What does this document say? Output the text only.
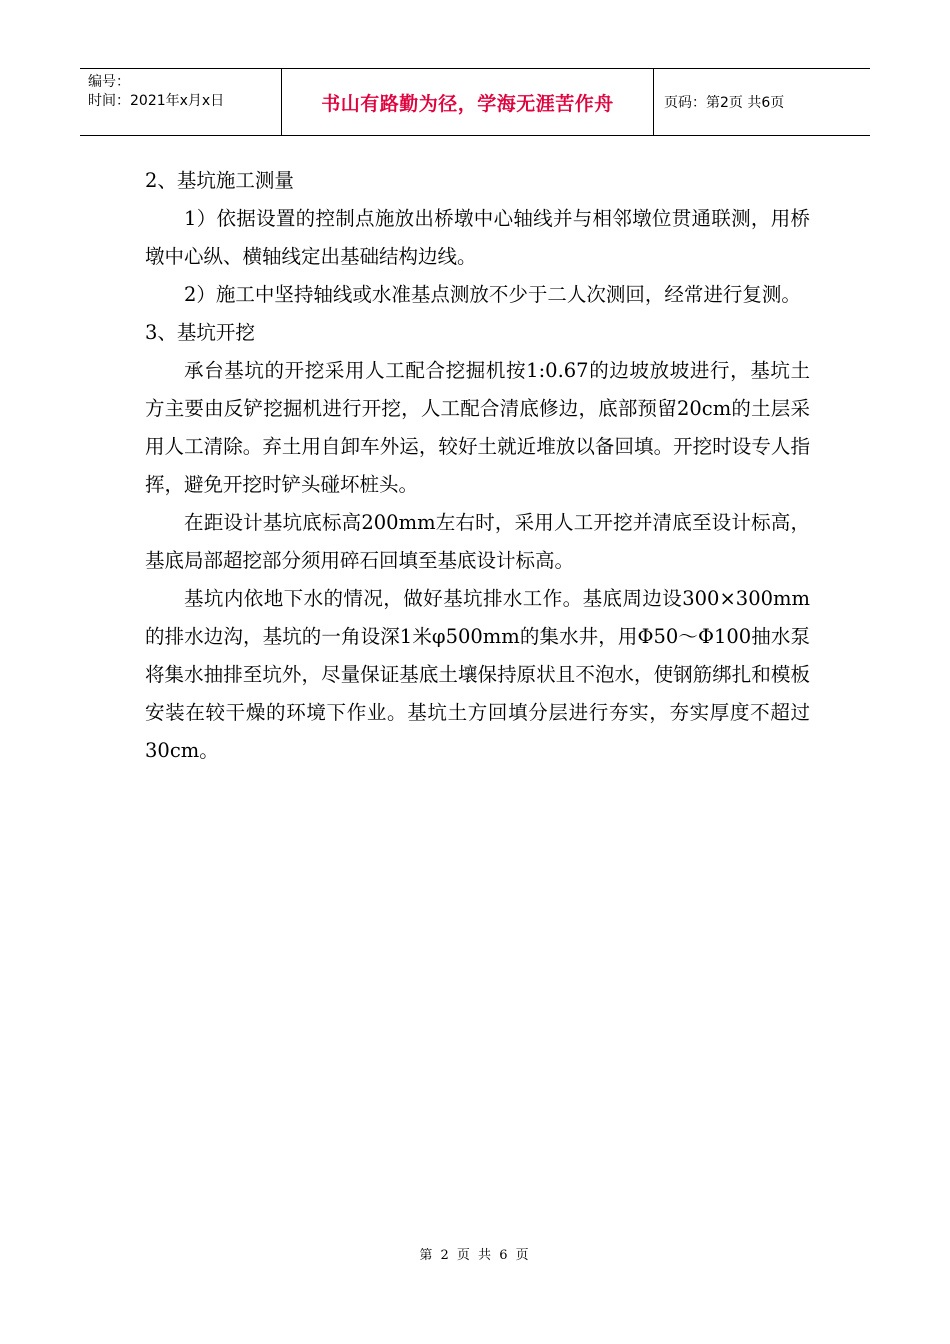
编号：
时间：2021年x月x日	书山有路勤为径，学海无涯苦作舟	页码：第2页 共6页

2、基坑施工测量

1）依据设置的控制点施放出桥墩中心轴线并与相邻墩位贯通联测，用桥墩中心纵、横轴线定出基础结构边线。

2）施工中坚持轴线或水准基点测放不少于二人次测回，经常进行复测。

3、基坑开挖

承台基坑的开挖采用人工配合挖掘机按1:0.67的边坡放坡进行，基坑土方主要由反铲挖掘机进行开挖，人工配合清底修边，底部预留20cm的土层采用人工清除。弃土用自卸车外运，较好土就近堆放以备回填。开挖时设专人指挥，避免开挖时铲头碰坏桩头。

在距设计基坑底标高200mm左右时，采用人工开挖并清底至设计标高，基底局部超挖部分须用碎石回填至基底设计标高。

基坑内依地下水的情况，做好基坑排水工作。基底周边设300×300mm的排水边沟，基坑的一角设深1米φ500mm的集水井，用Φ50～Φ100抽水泵将集水抽排至坑外，尽量保证基底土壤保持原状且不泡水，使钢筋绑扎和模板安装在较干燥的环境下作业。基坑土方回填分层进行夯实，夯实厚度不超过30cm。

第 2 页 共 6 页
